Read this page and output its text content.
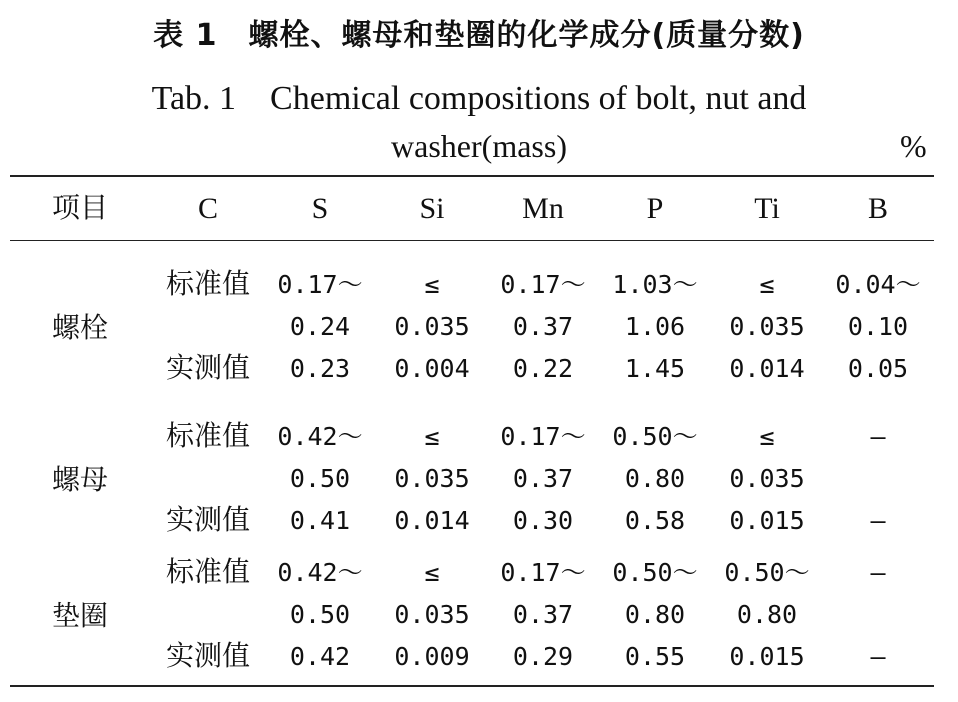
表 1　螺栓、螺母和垫圈的化学成分(质量分数)
Tab. 1　Chemical compositions of bolt, nut and
washer(mass)	%
项目	C	S	Si	Mn	P	Ti	B
螺栓
标准值 0.17～ ≤ 0.17～ 1.03～ ≤ 0.04～
0.24 0.035 0.37 1.06 0.035 0.10
实测值 0.23 0.004 0.22 1.45 0.014 0.05
螺母
标准值 0.42～ ≤ 0.17～ 0.50～ ≤	—
0.50 0.035 0.37 0.80 0.035
实测值 0.41 0.014 0.30 0.58 0.015	—
垫圈
标准值 0.42～ ≤ 0.17～ 0.50～ 0.50～ —
0.50 0.035 0.37 0.80 0.80
实测值 0.42 0.009 0.29 0.55 0.015	—
